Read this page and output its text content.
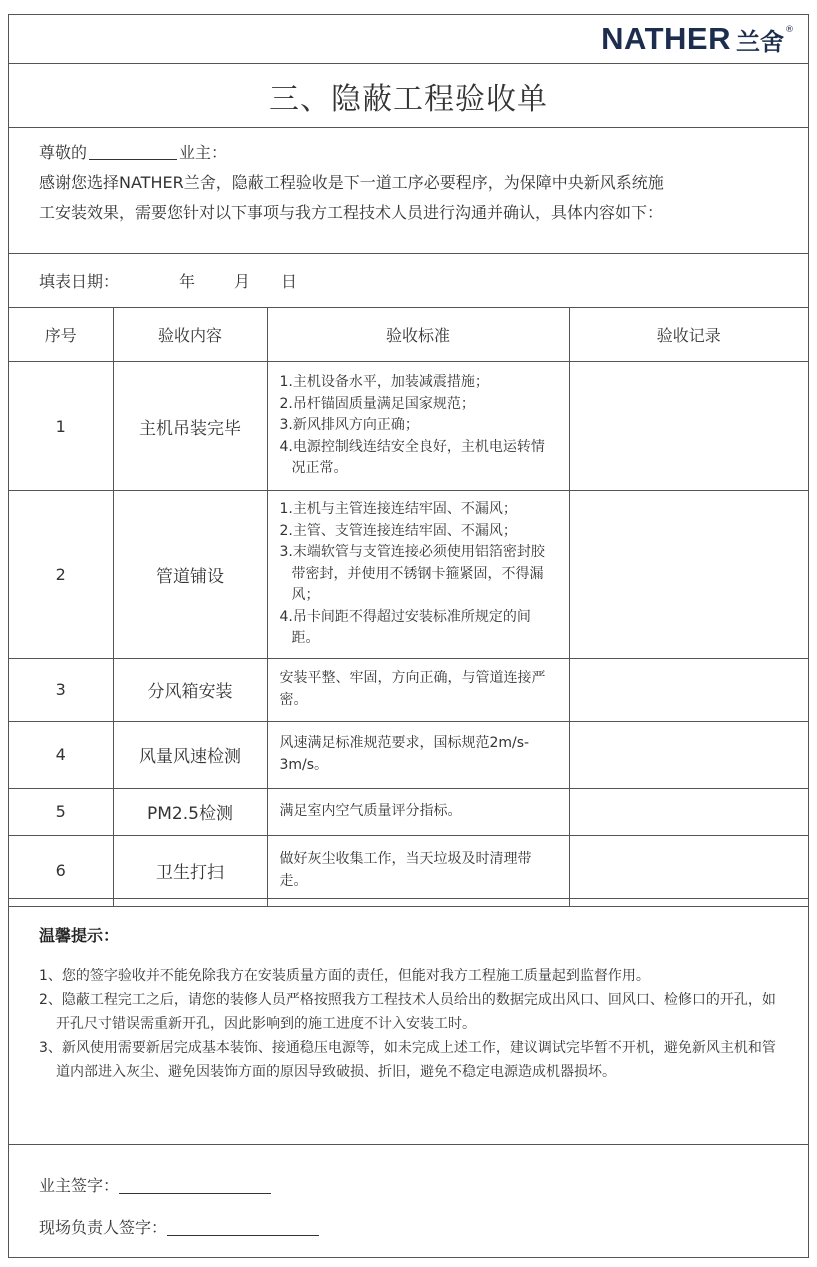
NATHER 兰舍 ®
三、隐蔽工程验收单

尊敬的	业主：

感谢您选择NATHER兰舍，隐蔽工程验收是下一道工序必要程序，为保障中央新风系统施

工安装效果，需要您针对以下事项与我方工程技术人员进行沟通并确认，具体内容如下：

填表日期：	年 月 日
序号	验收内容	验收标准	验收记录
1	主机吊装完毕	1.主机设备水平，加装减震措施；
2.吊杆锚固质量满足国家规范；
3.新风排风方向正确；
4.电源控制线连结安全良好，主机电运转情况正常。	

2	管道铺设	1.主机与主管连接连结牢固、不漏风；
2.主管、支管连接连结牢固、不漏风；
3.末端软管与支管连接必须使用铝箔密封胶带密封，并使用不锈钢卡箍紧固，不得漏风；
4.吊卡间距不得超过安装标准所规定的间距。	

3	分风箱安装	安装平整、牢固，方向正确，与管道连接严密。	

4	风量风速检测	风速满足标准规范要求，国标规范2m/s-3m/s。	

5	PM2.5检测	满足室内空气质量评分指标。	

6	卫生打扫	做好灰尘收集工作，当天垃圾及时清理带走。	

温馨提示：
1、您的签字验收并不能免除我方在安装质量方面的责任，但能对我方工程施工质量起到监督作用。
2、隐蔽工程完工之后，请您的装修人员严格按照我方工程技术人员给出的数据完成出风口、回风口、检修口的开孔，如开孔尺寸错误需重新开孔，因此影响到的施工进度不计入安装工时。
3、新风使用需要新居完成基本装饰、接通稳压电源等，如未完成上述工作，建议调试完毕暂不开机，避免新风主机和管道内部进入灰尘、避免因装饰方面的原因导致破损、折旧，避免不稳定电源造成机器损坏。
业主签字：
现场负责人签字：
